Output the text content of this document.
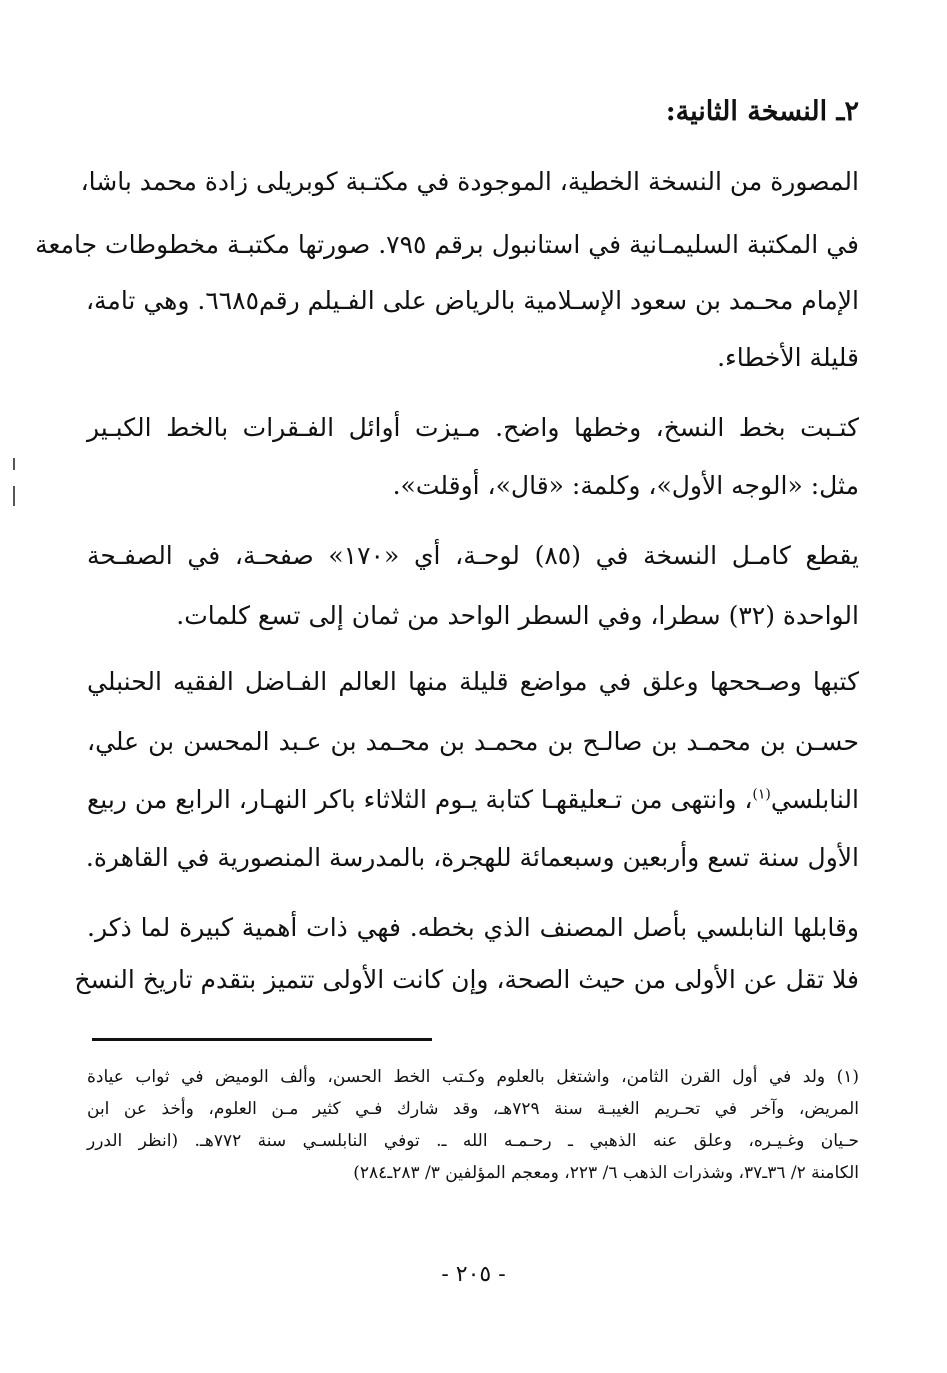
٢ـ النسخة الثانية:
المصورة من النسخة الخطية، الموجودة في مكتـبة كوبريلى زادة محمد باشا،
في المكتبة السليمـانية في استانبول برقم ٧٩٥. صورتها مكتبـة مخطوطات جامعة
الإمام محـمد بن سعود الإسـلامية بالرياض على الفـيلم رقم٦٦٨٥. وهي تامة،
قليلة الأخطاء.
كتـبت بخط النسخ، وخطها واضح. مـيزت أوائل الفـقرات بالخط الكبـير
مثل: «الوجه الأول»، وكلمة: «قال»، أوقلت».
يقطع كامـل النسخة في (٨٥) لوحـة، أي «١٧٠» صفحـة، في الصفـحة
الواحدة (٣٢) سطرا، وفي السطر الواحد من ثمان إلى تسع كلمات.
كتبها وصـححها وعلق في مواضع قليلة منها العالم الفـاضل الفقيه الحنبلي
حسـن بن محمـد بن صالـح بن محمـد بن محـمد بن عـبد المحسن بن علي،
النابلسي$^{(١)}$، وانتهى من تـعليقهـا كتابة يـوم الثلاثاء باكر النهـار، الرابع من ربيع
الأول سنة تسع وأربعين وسبعمائة للهجرة، بالمدرسة المنصورية في القاهرة.
وقابلها النابلسي بأصل المصنف الذي بخطه. فهي ذات أهمية كبيرة لما ذكر.
فلا تقل عن الأولى من حيث الصحة، وإن كانت الأولى تتميز بتقدم تاريخ النسخ
(١) ولد في أول القرن الثامن، واشتغل بالعلوم وكـتب الخط الحسن، وألف الوميض في ثواب عيادة
المريض، وآخر في تحـريم الغيبـة سنة ٧٢٩هـ، وقد شارك فـي كثير مـن العلوم، وأخذ عن ابن
حـيان وغـيـره، وعلق عنه الذهبي ـ رحـمـه الله ـ. توفي النابلسـي سنة ٧٧٢هـ. (انظر الدرر
الكامنة ٢/ ٣٦ـ٣٧، وشذرات الذهب ٦/ ٢٢٣، ومعجم المؤلفين ٣/ ٢٨٣ـ٢٨٤)
- ٢٠٥ -
